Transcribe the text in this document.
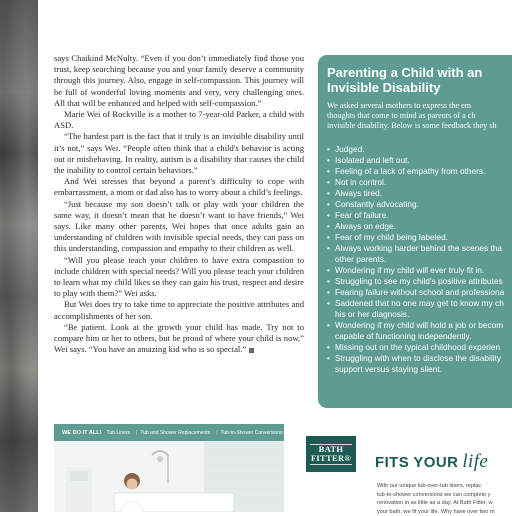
says Chaikind McNulty. “Even if you don’t immediately find those you trust, keep searching because you and your family deserve a community through this journey. Also, engage in self-compassion. This journey will be full of wonderful loving moments and very, very challenging ones. All that will be enhanced and helped with self-compassion.”

Marie Wei of Rockville is a mother to 7-year-old Parker, a child with ASD.

“The hardest part is the fact that it truly is an invisible disability until it’s not,” says Wei. “People often think that a child's behavior is acting out or misbehaving. In reality, autism is a disability that causes the child the inability to control certain behaviors.”

And Wei stresses that beyond a parent’s difficulty to cope with embarrassment, a mom or dad also has to worry about a child’s feelings.

“Just because my son doesn’t talk or play with your children the same way, it doesn’t mean that he doesn’t want to have friends,” Wei says. Like many other parents, Wei hopes that once adults gain an understanding of children with invisible special needs, they can pass on this understanding, compassion and empathy to their children as well.

“Will you please teach your children to have extra compassion to include children with special needs? Will you please teach your children to learn what my child likes so they can gain his trust, respect and desire to play with them?” Wei asks.

But Wei does try to take time to appreciate the positive attributes and accomplishments of her son.

“Be patient. Look at the growth your child has made. Try not to compare him or her to others, but be proud of where your child is now,” Wei says. “You have an amazing kid who is so special.”

Parenting a Child with an
Invisible Disability
We asked several mothers to express the em
thoughts that come to mind as parents of a ch
invisible disability. Below is some feedback they sh
• Judged.
• Isolated and left out.
• Feeling of a lack of empathy from others.
• Not in control.
• Always tired.
• Constantly advocating.
• Fear of failure.
• Always on edge.
• Fear of my child being labeled.
• Always working harder behind the scenes tha
other parents.
• Wondering if my child will ever truly fit in.
• Struggling to see my child's positive attributes
• Fearing failure without school and professiona
• Saddened that no one may get to know my ch
his or her diagnosis.
• Wondering if my child will hold a job or becom
capable of functioning independently.
• Missing out on the typical childhood experien
• Struggling with when to disclose the disability
support versus staying silent.
WE DO IT ALL! Tub Liners | Tub and Shower Replacements | Tub-to-Shower Conversions
BATH
FITTER® FITS YOUR life
With our unique tub-over-tub liners, replac
tub-to-shower conversions we can complete y
renovation in as little as a day. At Bath Fitter, w
your bath, we fit your life. Why have over two m
